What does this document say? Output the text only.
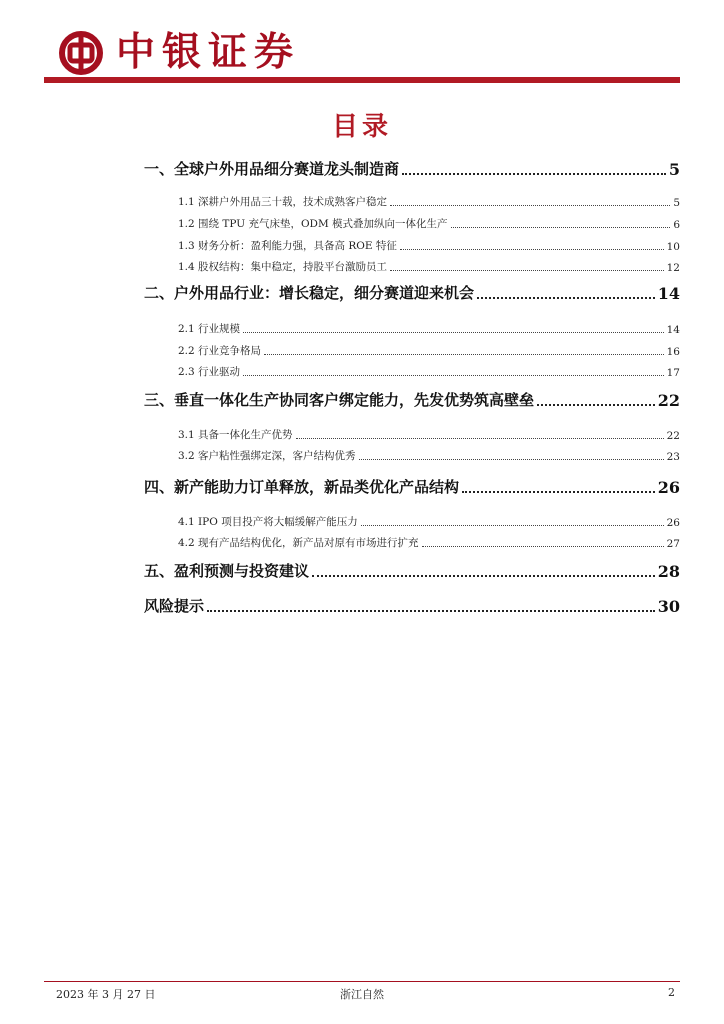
中银证券
目录
一、全球户外用品细分赛道龙头制造商	5
1.1 深耕户外用品三十载，技术成熟客户稳定	5
1.2 围绕 TPU 充气床垫，ODM 模式叠加纵向一体化生产	6
1.3 财务分析：盈利能力强，具备高 ROE 特征	10
1.4 股权结构：集中稳定，持股平台激励员工	12
二、户外用品行业：增长稳定，细分赛道迎来机会	14
2.1 行业规模	14
2.2 行业竞争格局	16
2.3 行业驱动	17
三、垂直一体化生产协同客户绑定能力，先发优势筑高壁垒	22
3.1 具备一体化生产优势	22
3.2 客户粘性强绑定深，客户结构优秀	23
四、新产能助力订单释放，新品类优化产品结构	26
4.1 IPO 项目投产将大幅缓解产能压力	26
4.2 现有产品结构优化，新产品对原有市场进行扩充	27
五、盈利预测与投资建议	28
风险提示	30
2023 年 3 月 27 日	浙江自然	2
